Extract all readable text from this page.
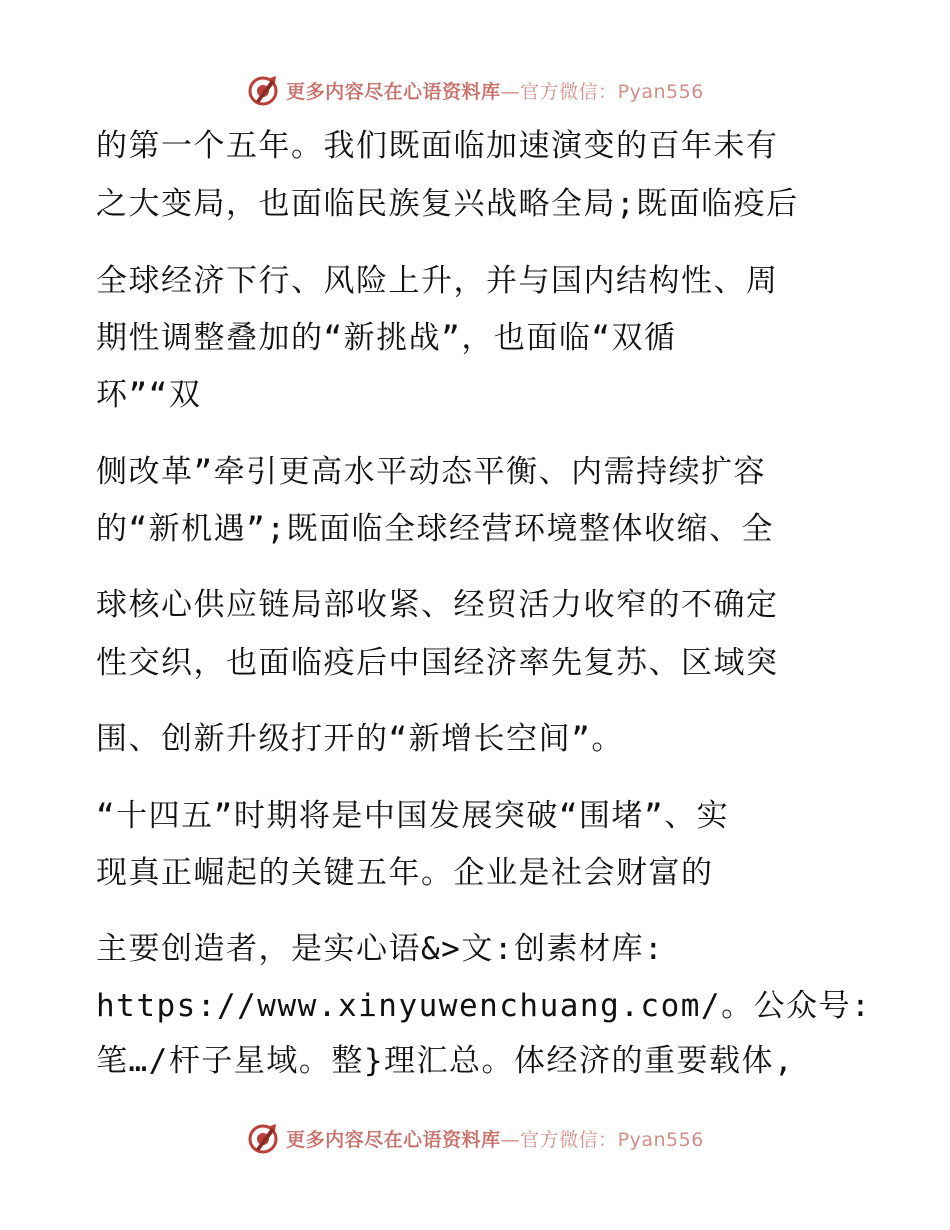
更多内容尽在心语资料库—官方微信：Pyan556
的第一个五年。我们既面临加速演变的百年未有
之大变局，也面临民族复兴战略全局;既面临疫后
全球经济下行、风险上升，并与国内结构性、周
期性调整叠加的“新挑战”，也面临“双循
环”“双
侧改革”牵引更高水平动态平衡、内需持续扩容
的“新机遇”;既面临全球经营环境整体收缩、全
球核心供应链局部收紧、经贸活力收窄的不确定
性交织，也面临疫后中国经济率先复苏、区域突
围、创新升级打开的“新增长空间”。
“十四五”时期将是中国发展突破“围堵”、实
现真正崛起的关键五年。企业是社会财富的
主要创造者，是实心语&>文:创素材库:
https://www.xinyuwenchuang.com/。公众号:
笔…/杆子星域。整}理汇总。体经济的重要载体,
更多内容尽在心语资料库—官方微信：Pyan556
